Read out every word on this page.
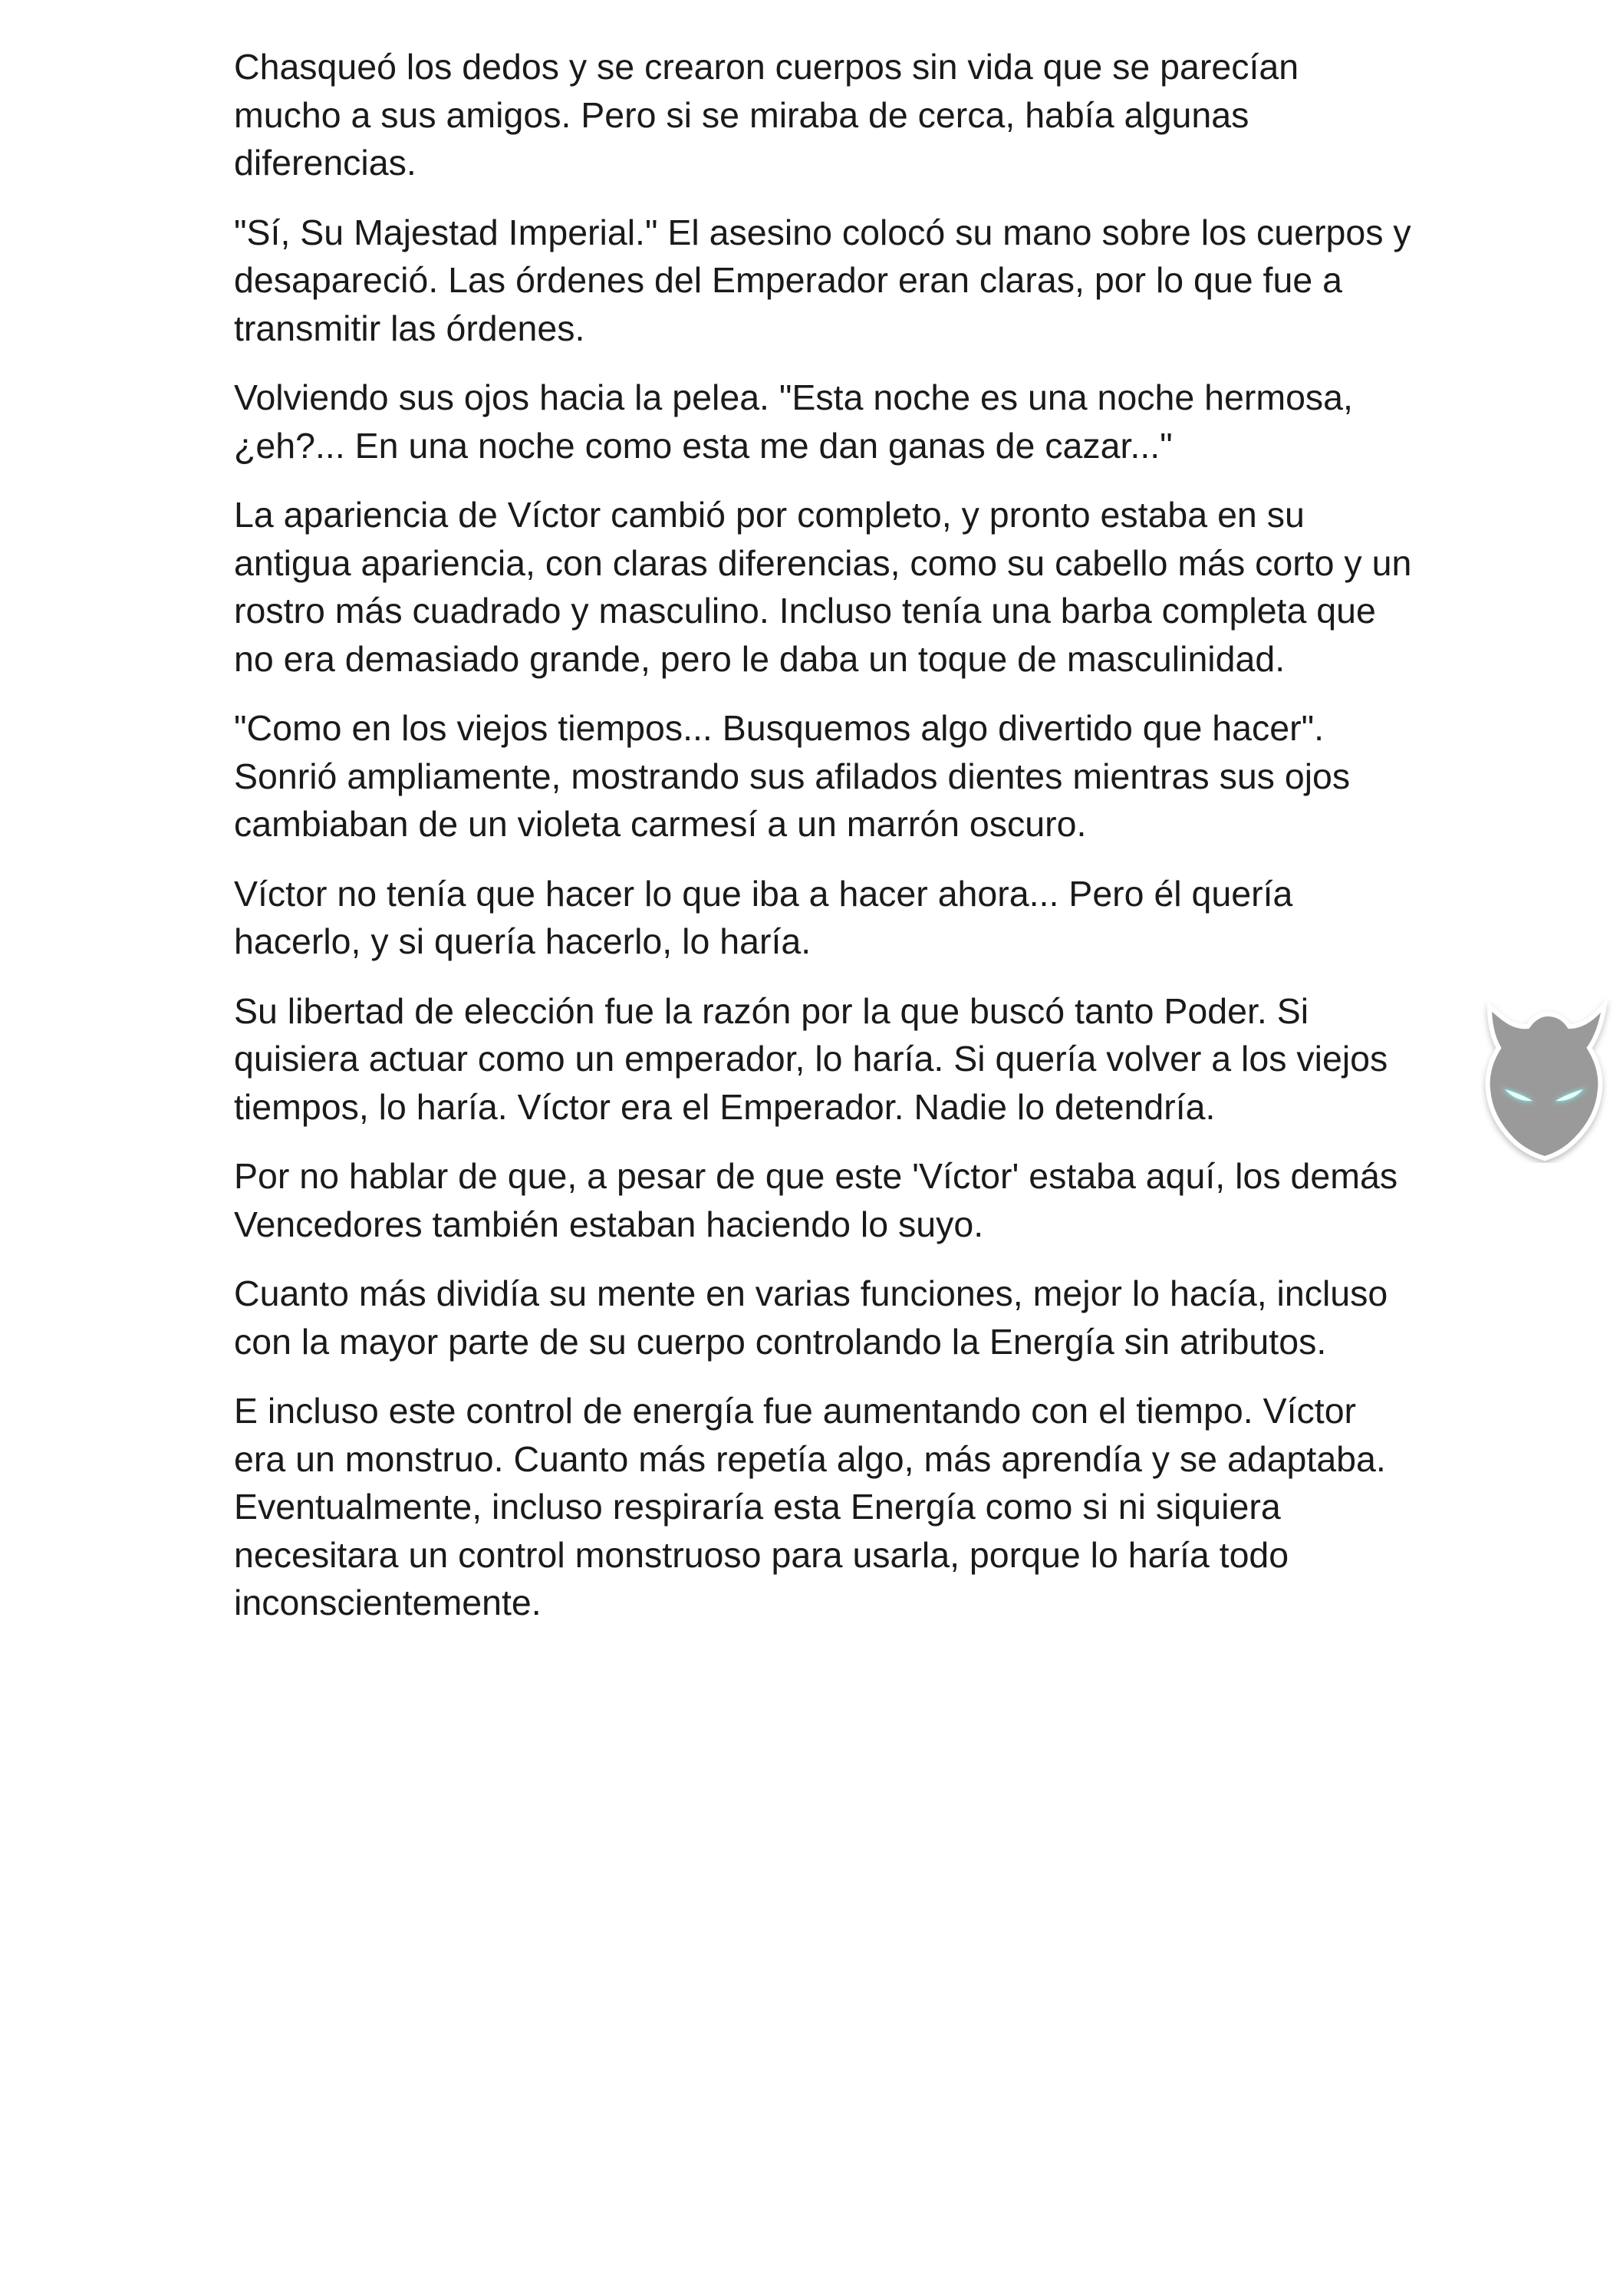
Chasqueó los dedos y se crearon cuerpos sin vida que se parecían mucho a sus amigos. Pero si se miraba de cerca, había algunas diferencias.

"Sí, Su Majestad Imperial." El asesino colocó su mano sobre los cuerpos y desapareció. Las órdenes del Emperador eran claras, por lo que fue a transmitir las órdenes.

Volviendo sus ojos hacia la pelea. "Esta noche es una noche hermosa, ¿eh?... En una noche como esta me dan ganas de cazar..."

La apariencia de Víctor cambió por completo, y pronto estaba en su antigua apariencia, con claras diferencias, como su cabello más corto y un rostro más cuadrado y masculino. Incluso tenía una barba completa que no era demasiado grande, pero le daba un toque de masculinidad.

"Como en los viejos tiempos... Busquemos algo divertido que hacer". Sonrió ampliamente, mostrando sus afilados dientes mientras sus ojos cambiaban de un violeta carmesí a un marrón oscuro.

Víctor no tenía que hacer lo que iba a hacer ahora... Pero él quería hacerlo, y si quería hacerlo, lo haría.

Su libertad de elección fue la razón por la que buscó tanto Poder. Si quisiera actuar como un emperador, lo haría. Si quería volver a los viejos tiempos, lo haría. Víctor era el Emperador. Nadie lo detendría.

Por no hablar de que, a pesar de que este 'Víctor' estaba aquí, los demás Vencedores también estaban haciendo lo suyo.

Cuanto más dividía su mente en varias funciones, mejor lo hacía, incluso con la mayor parte de su cuerpo controlando la Energía sin atributos.

E incluso este control de energía fue aumentando con el tiempo. Víctor era un monstruo. Cuanto más repetía algo, más aprendía y se adaptaba. Eventualmente, incluso respiraría esta Energía como si ni siquiera necesitara un control monstruoso para usarla, porque lo haría todo inconscientemente.
